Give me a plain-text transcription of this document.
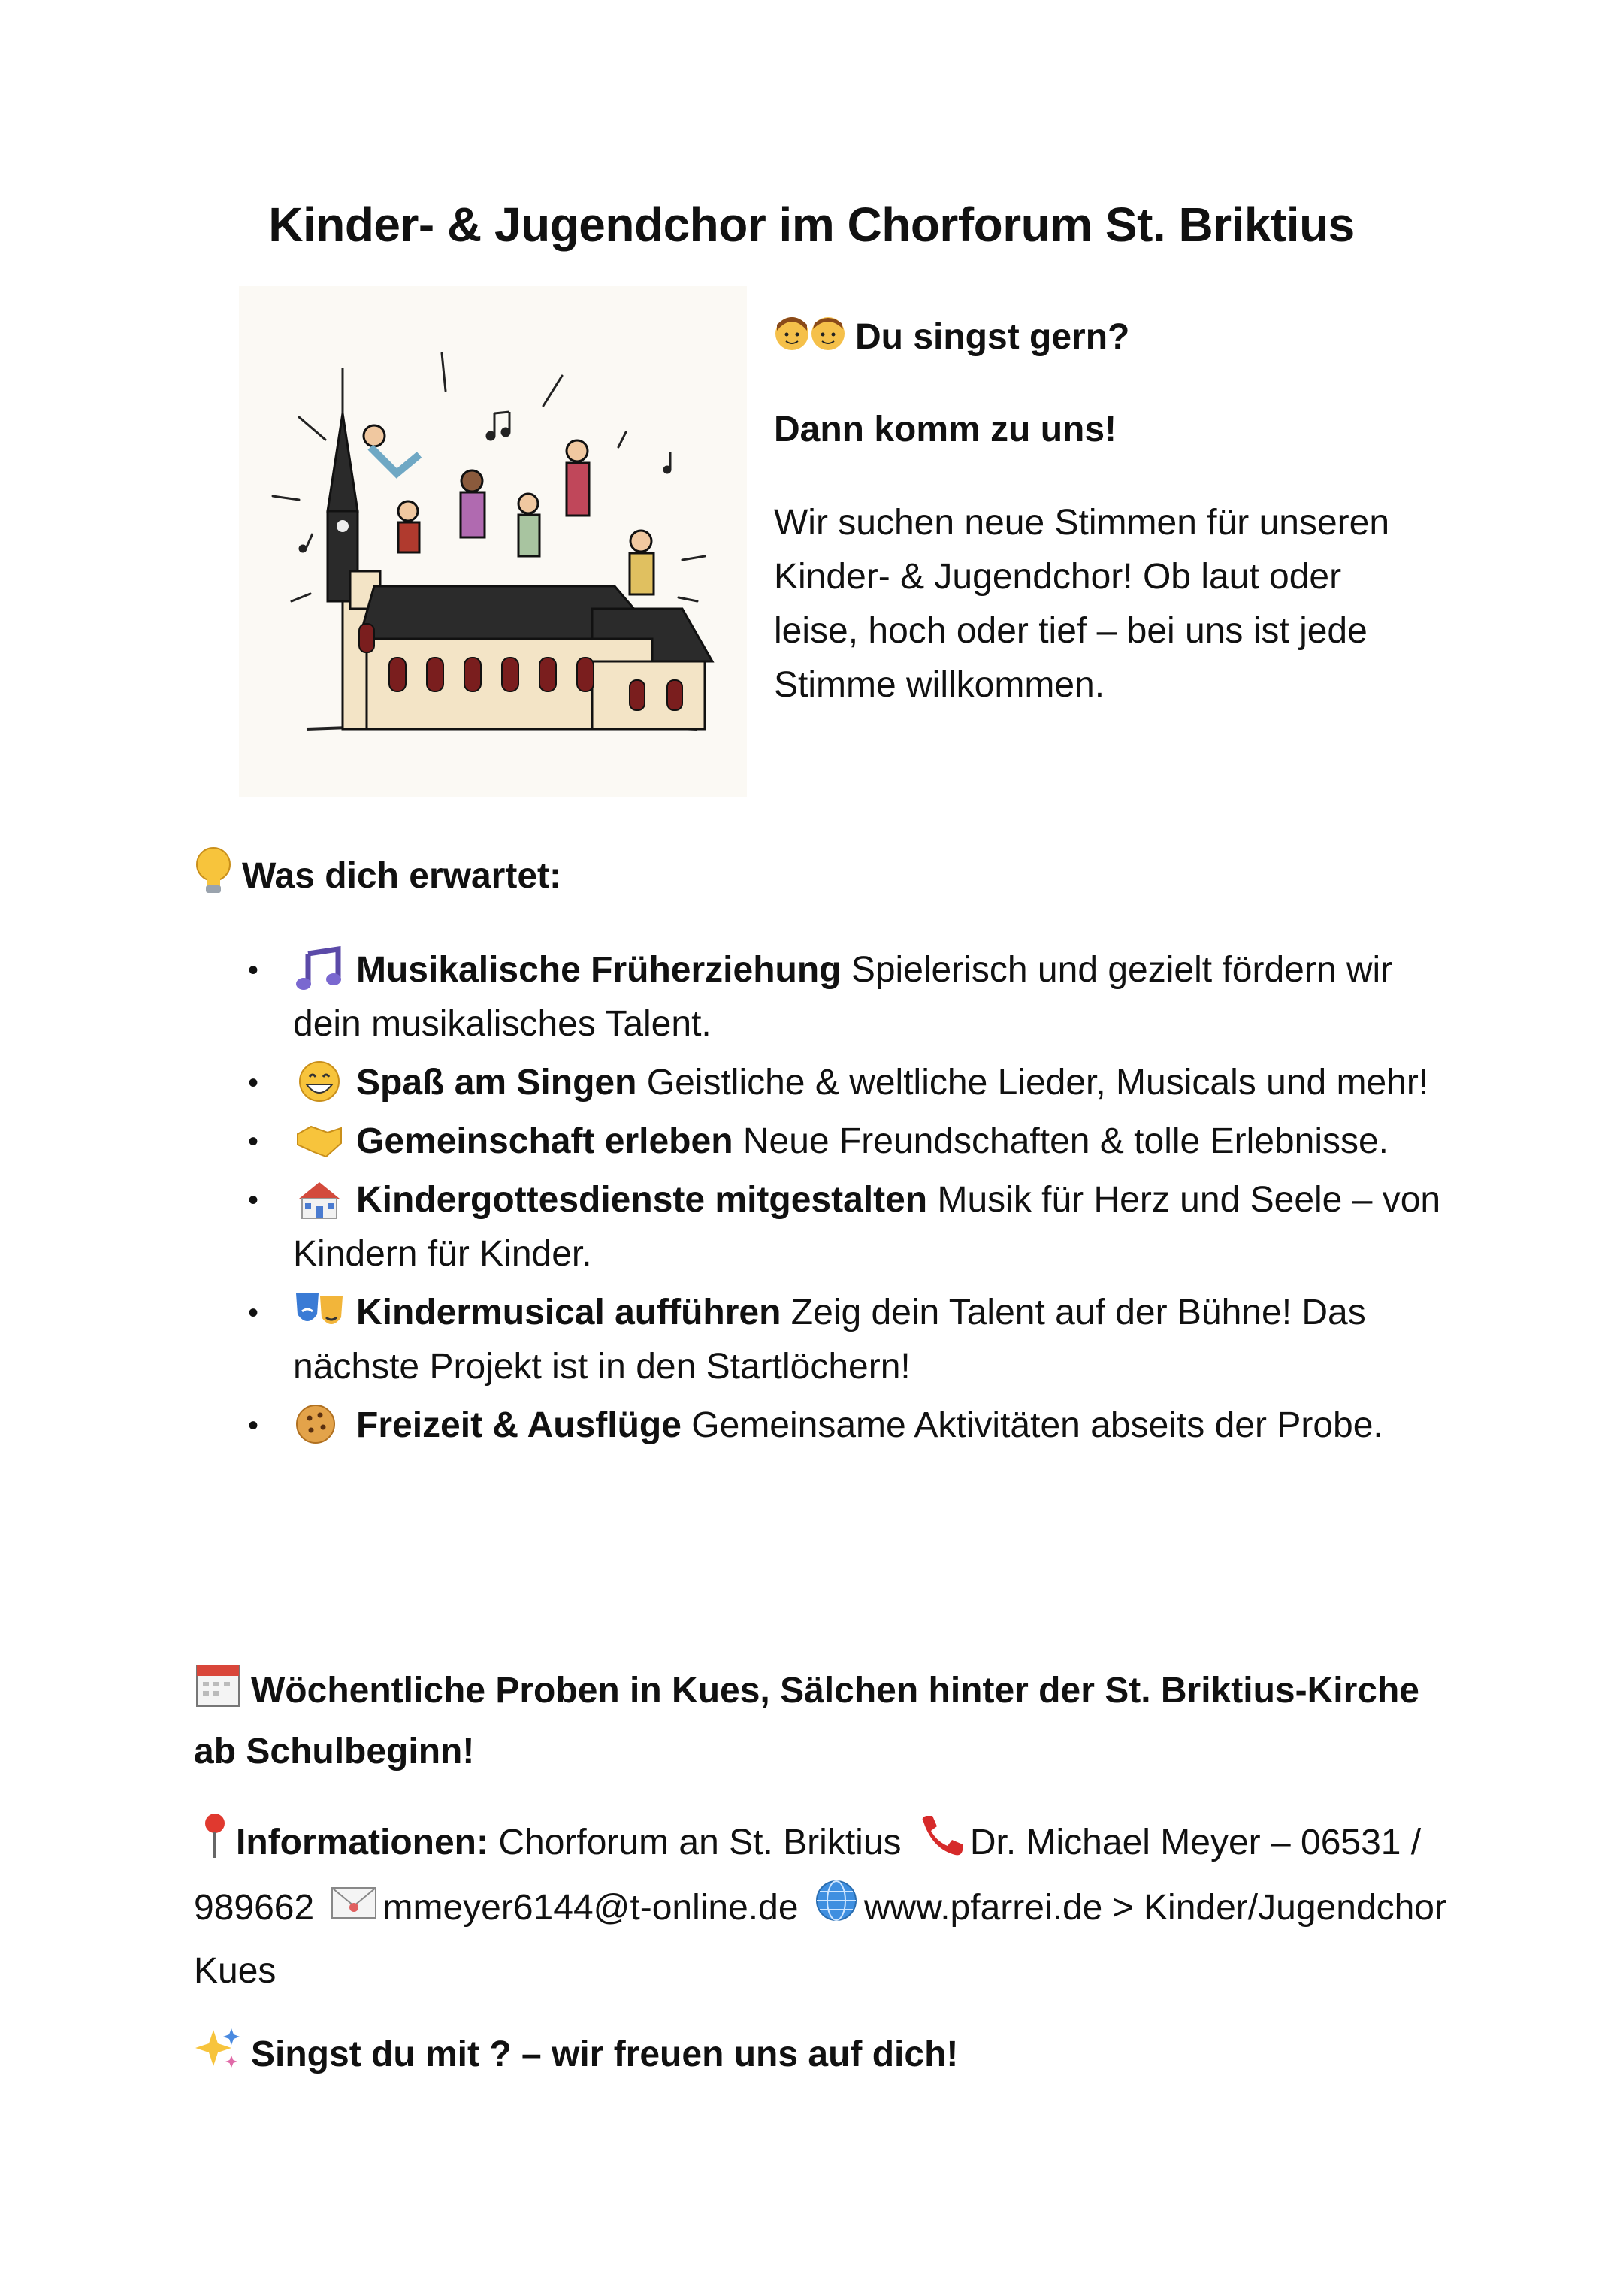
Kinder- & Jugendchor im Chorforum St. Briktius

Du singst gern?

Dann komm zu uns!

Wir suchen neue Stimmen für unseren Kinder- & Jugendchor! Ob laut oder leise, hoch oder tief – bei uns ist jede Stimme willkommen.

Was dich erwartet:
•	Musikalische Früherziehung Spielerisch und gezielt fördern wir dein musikalisches Talent.
•	Spaß am Singen Geistliche & weltliche Lieder, Musicals und mehr!
•	Gemeinschaft erleben Neue Freundschaften & tolle Erlebnisse.
•	Kindergottesdienste mitgestalten Musik für Herz und Seele – von Kindern für Kinder.
•	Kindermusical aufführen Zeig dein Talent auf der Bühne! Das nächste Projekt ist in den Startlöchern!
•	Freizeit & Ausflüge Gemeinsame Aktivitäten abseits der Probe.

Wöchentliche Proben in Kues, Sälchen hinter der St. Briktius-Kirche ab Schulbeginn!

Informationen: Chorforum an St. Briktius Dr. Michael Meyer – 06531 / 989662 mmeyer6144@t-online.de www.pfarrei.de > Kinder/Jugendchor Kues

Singst du mit ? – wir freuen uns auf dich!
